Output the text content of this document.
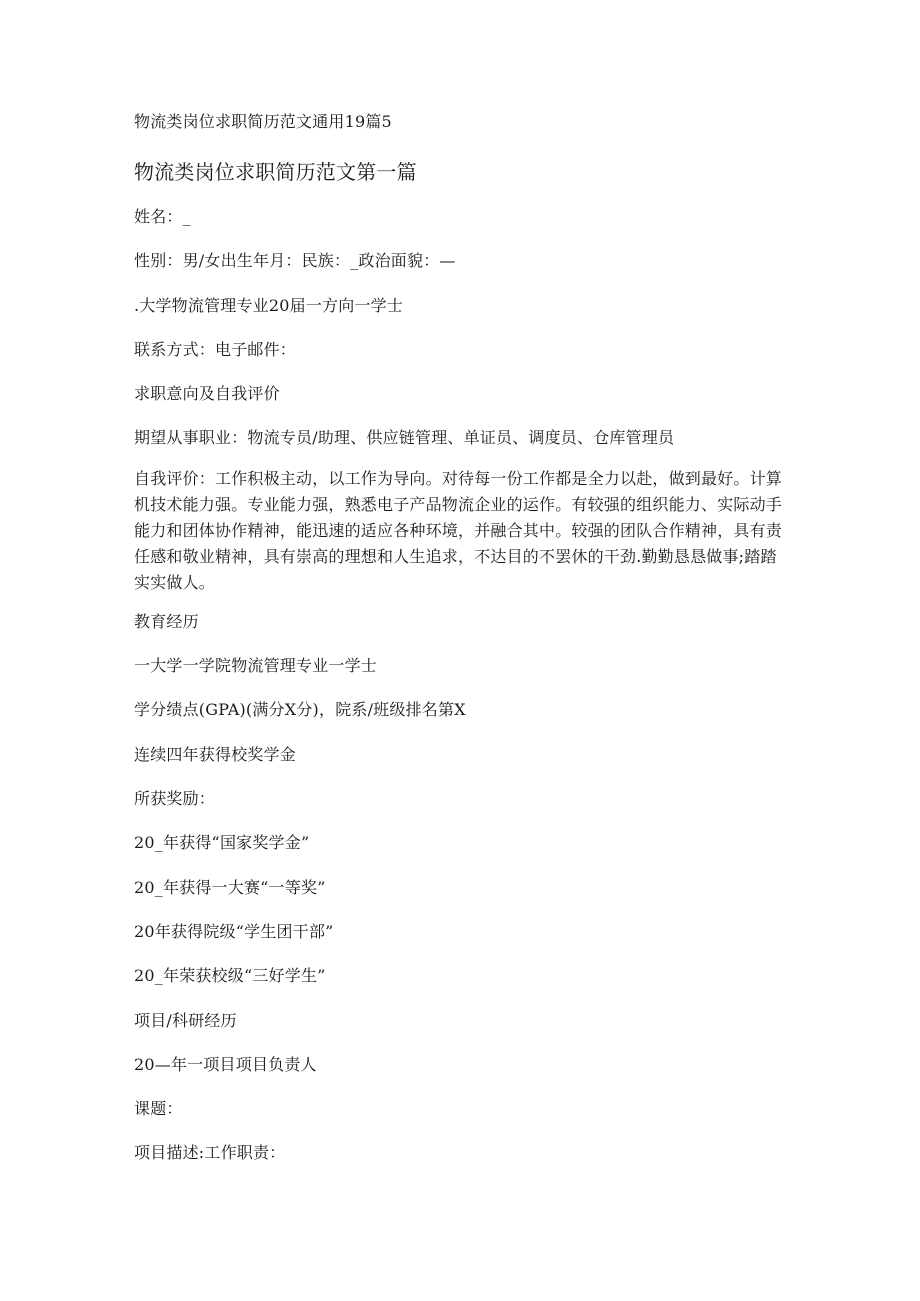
物流类岗位求职简历范文通用19篇5
物流类岗位求职简历范文第一篇
姓名：_
性别：男/女出生年月：民族：_政治面貌：—
.大学物流管理专业20届一方向一学士
联系方式：电子邮件：
求职意向及自我评价
期望从事职业：物流专员/助理、供应链管理、单证员、调度员、仓库管理员
自我评价：工作积极主动，以工作为导向。对待每一份工作都是全力以赴，做到最好。计算机技术能力强。专业能力强，熟悉电子产品物流企业的运作。有较强的组织能力、实际动手能力和团体协作精神，能迅速的适应各种环境，并融合其中。较强的团队合作精神，具有责任感和敬业精神，具有崇高的理想和人生追求，不达目的不罢休的干劲.勤勤恳恳做事;踏踏实实做人。
教育经历
一大学一学院物流管理专业一学士
学分绩点(GPA)(满分X分)，院系/班级排名第X
连续四年获得校奖学金
所获奖励：
20_年获得“国家奖学金”
20_年获得一大赛“一等奖”
20年获得院级“学生团干部”
20_年荣获校级“三好学生”
项目/科研经历
20—年一项目项目负责人
课题：
项目描述:工作职责：
